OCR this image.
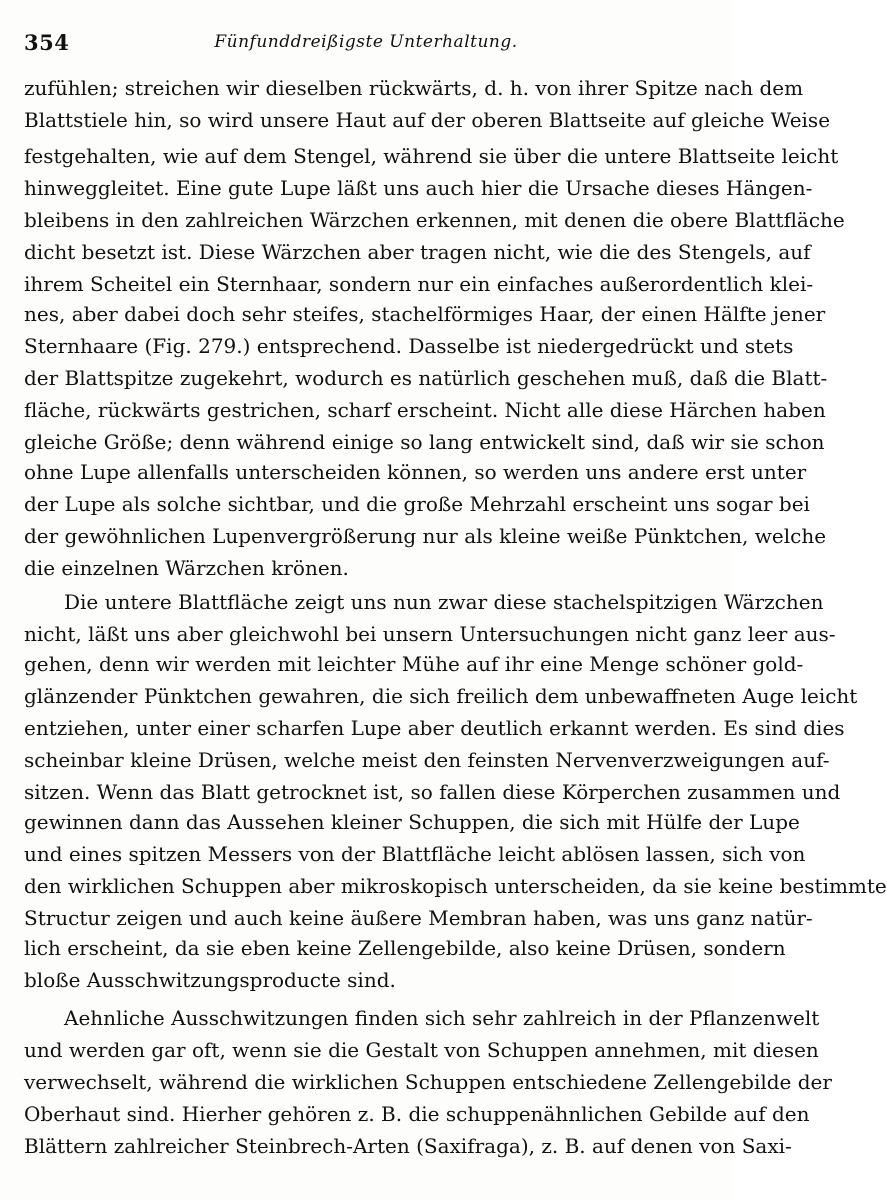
354	Fünfunddreißigste Unterhaltung.
zufühlen; streichen wir dieselben rückwärts, d. h. von ihrer Spitze nach dem
Blattstiele hin, so wird unsere Haut auf der oberen Blattseite auf gleiche Weise
festgehalten, wie auf dem Stengel, während sie über die untere Blattseite leicht
hinweggleitet. Eine gute Lupe läßt uns auch hier die Ursache dieses Hängen-
bleibens in den zahlreichen Wärzchen erkennen, mit denen die obere Blattfläche
dicht besetzt ist. Diese Wärzchen aber tragen nicht, wie die des Stengels, auf
ihrem Scheitel ein Sternhaar, sondern nur ein einfaches außerordentlich klei-
nes, aber dabei doch sehr steifes, stachelförmiges Haar, der einen Hälfte jener
Sternhaare (Fig. 279.) entsprechend. Dasselbe ist niedergedrückt und stets
der Blattspitze zugekehrt, wodurch es natürlich geschehen muß, daß die Blatt-
fläche, rückwärts gestrichen, scharf erscheint. Nicht alle diese Härchen haben
gleiche Größe; denn während einige so lang entwickelt sind, daß wir sie schon
ohne Lupe allenfalls unterscheiden können, so werden uns andere erst unter
der Lupe als solche sichtbar, und die große Mehrzahl erscheint uns sogar bei
der gewöhnlichen Lupenvergrößerung nur als kleine weiße Pünktchen, welche
die einzelnen Wärzchen krönen.
Die untere Blattfläche zeigt uns nun zwar diese stachelspitzigen Wärzchen
nicht, läßt uns aber gleichwohl bei unsern Untersuchungen nicht ganz leer aus-
gehen, denn wir werden mit leichter Mühe auf ihr eine Menge schöner gold-
glänzender Pünktchen gewahren, die sich freilich dem unbewaffneten Auge leicht
entziehen, unter einer scharfen Lupe aber deutlich erkannt werden. Es sind dies
scheinbar kleine Drüsen, welche meist den feinsten Nervenverzweigungen auf-
sitzen. Wenn das Blatt getrocknet ist, so fallen diese Körperchen zusammen und
gewinnen dann das Aussehen kleiner Schuppen, die sich mit Hülfe der Lupe
und eines spitzen Messers von der Blattfläche leicht ablösen lassen, sich von
den wirklichen Schuppen aber mikroskopisch unterscheiden, da sie keine bestimmte
Structur zeigen und auch keine äußere Membran haben, was uns ganz natür-
lich erscheint, da sie eben keine Zellengebilde, also keine Drüsen, sondern
bloße Ausschwitzungsproducte sind.
Aehnliche Ausschwitzungen finden sich sehr zahlreich in der Pflanzenwelt
und werden gar oft, wenn sie die Gestalt von Schuppen annehmen, mit diesen
verwechselt, während die wirklichen Schuppen entschiedene Zellengebilde der
Oberhaut sind. Hierher gehören z. B. die schuppenähnlichen Gebilde auf den
Blättern zahlreicher Steinbrech-Arten (Saxifraga), z. B. auf denen von Saxi-
